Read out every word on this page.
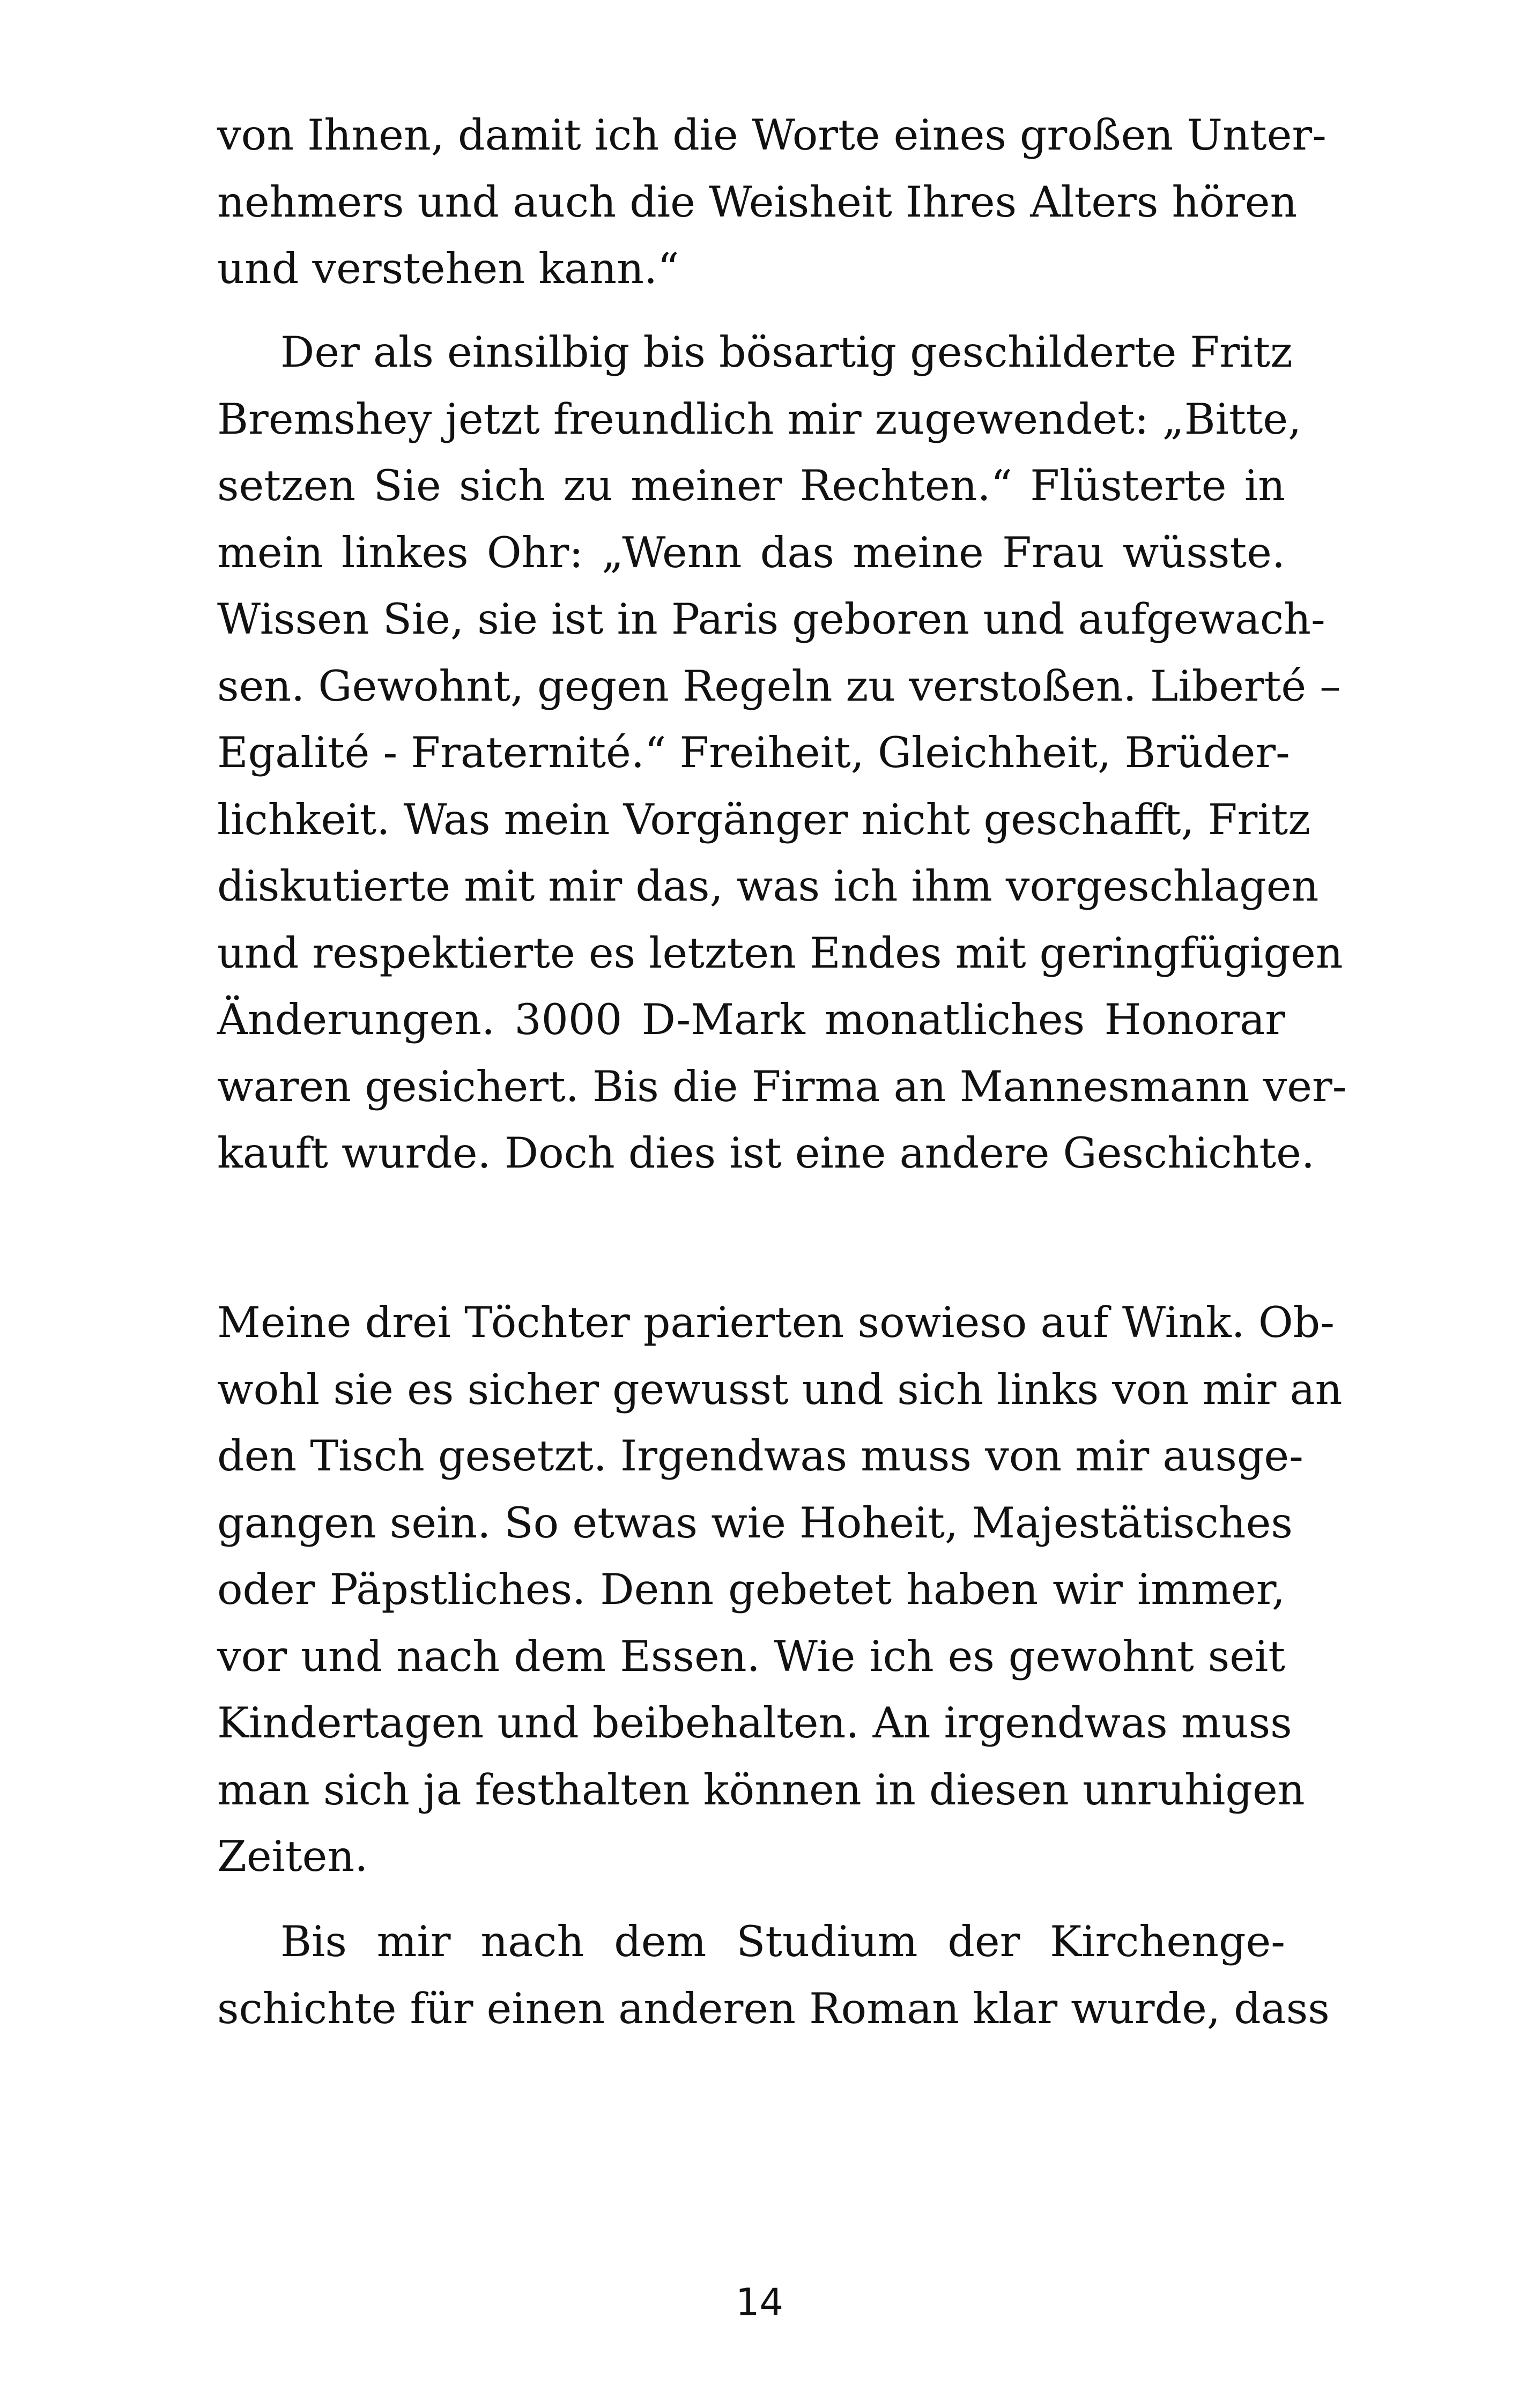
von Ihnen, damit ich die Worte eines großen Unter-
nehmers und auch die Weisheit Ihres Alters hören
und verstehen kann.“
Der als einsilbig bis bösartig geschilderte Fritz
Bremshey jetzt freundlich mir zugewendet: „Bitte,
setzen Sie sich zu meiner Rechten.“ Flüsterte in
mein linkes Ohr: „Wenn das meine Frau wüsste.
Wissen Sie, sie ist in Paris geboren und aufgewach-
sen. Gewohnt, gegen Regeln zu verstoßen. Liberté –
Egalité - Fraternité.“ Freiheit, Gleichheit, Brüder-
lichkeit. Was mein Vorgänger nicht geschafft, Fritz
diskutierte mit mir das, was ich ihm vorgeschlagen
und respektierte es letzten Endes mit geringfügigen
Änderungen. 3000 D-Mark monatliches Honorar
waren gesichert. Bis die Firma an Mannesmann ver-
kauft wurde. Doch dies ist eine andere Geschichte.
Meine drei Töchter parierten sowieso auf Wink. Ob-
wohl sie es sicher gewusst und sich links von mir an
den Tisch gesetzt. Irgendwas muss von mir ausge-
gangen sein. So etwas wie Hoheit, Majestätisches
oder Päpstliches. Denn gebetet haben wir immer,
vor und nach dem Essen. Wie ich es gewohnt seit
Kindertagen und beibehalten. An irgendwas muss
man sich ja festhalten können in diesen unruhigen
Zeiten.
Bis mir nach dem Studium der Kirchenge-
schichte für einen anderen Roman klar wurde, dass
14
